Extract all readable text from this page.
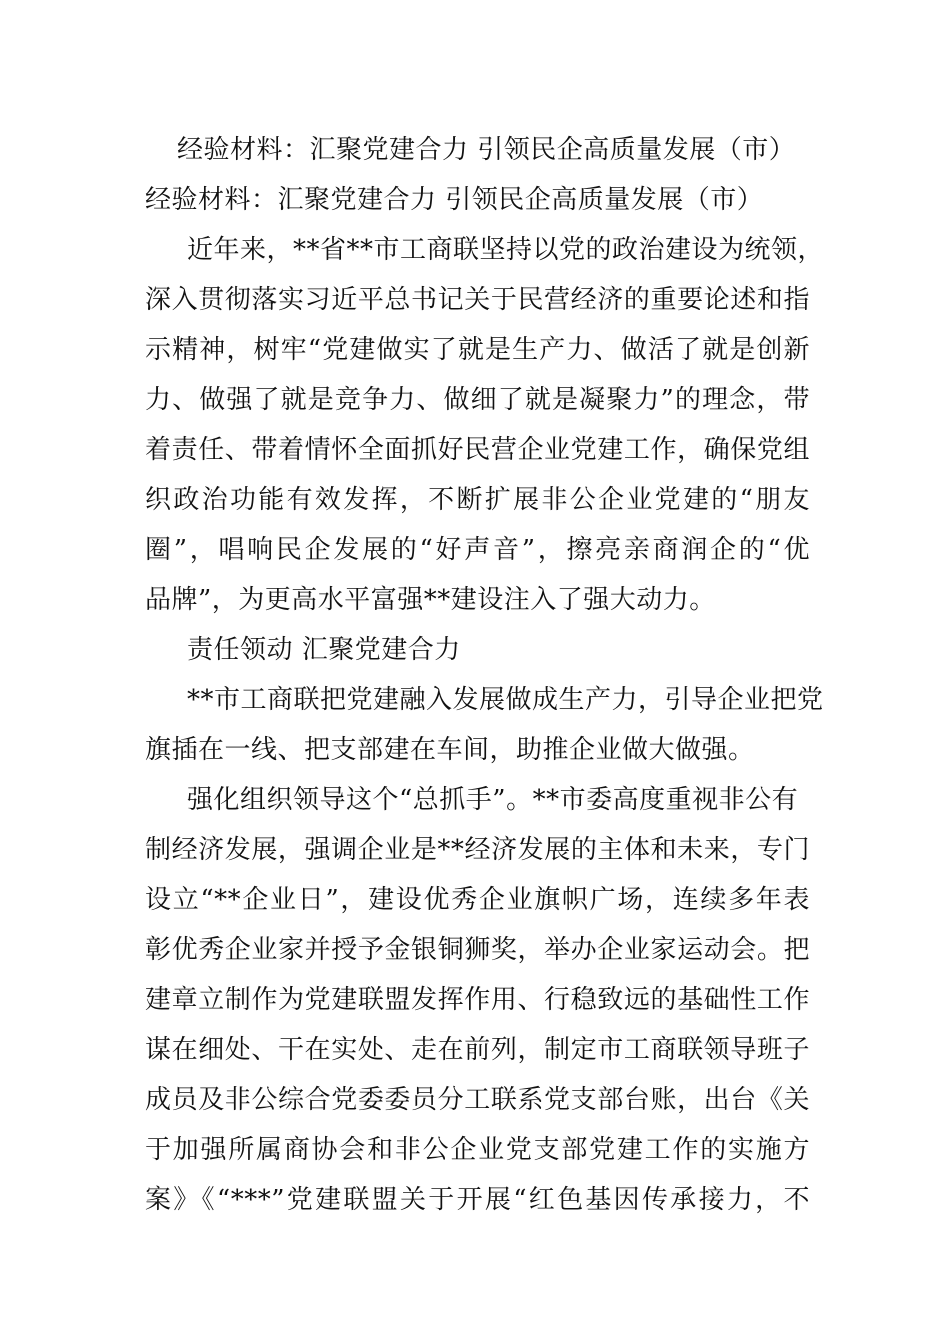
经验材料：汇聚党建合力 引领民企高质量发展（市）
经验材料：汇聚党建合力 引领民企高质量发展（市）
近年来，**省**市工商联坚持以党的政治建设为统领，
深入贯彻落实习近平总书记关于民营经济的重要论述和指
示精神，树牢“党建做实了就是生产力、做活了就是创新
力、做强了就是竞争力、做细了就是凝聚力”的理念，带
着责任、带着情怀全面抓好民营企业党建工作，确保党组
织政治功能有效发挥，不断扩展非公企业党建的“朋友
圈”，唱响民企发展的“好声音”，擦亮亲商润企的“优
品牌”，为更高水平富强**建设注入了强大动力。
责任领动 汇聚党建合力
**市工商联把党建融入发展做成生产力，引导企业把党
旗插在一线、把支部建在车间，助推企业做大做强。
强化组织领导这个“总抓手”。**市委高度重视非公有
制经济发展，强调企业是**经济发展的主体和未来，专门
设立“**企业日”，建设优秀企业旗帜广场，连续多年表
彰优秀企业家并授予金银铜狮奖，举办企业家运动会。把
建章立制作为党建联盟发挥作用、行稳致远的基础性工作
谋在细处、干在实处、走在前列，制定市工商联领导班子
成员及非公综合党委委员分工联系党支部台账，出台《关
于加强所属商协会和非公企业党支部党建工作的实施方
案》《“***”党建联盟关于开展“红色基因传承接力，不
